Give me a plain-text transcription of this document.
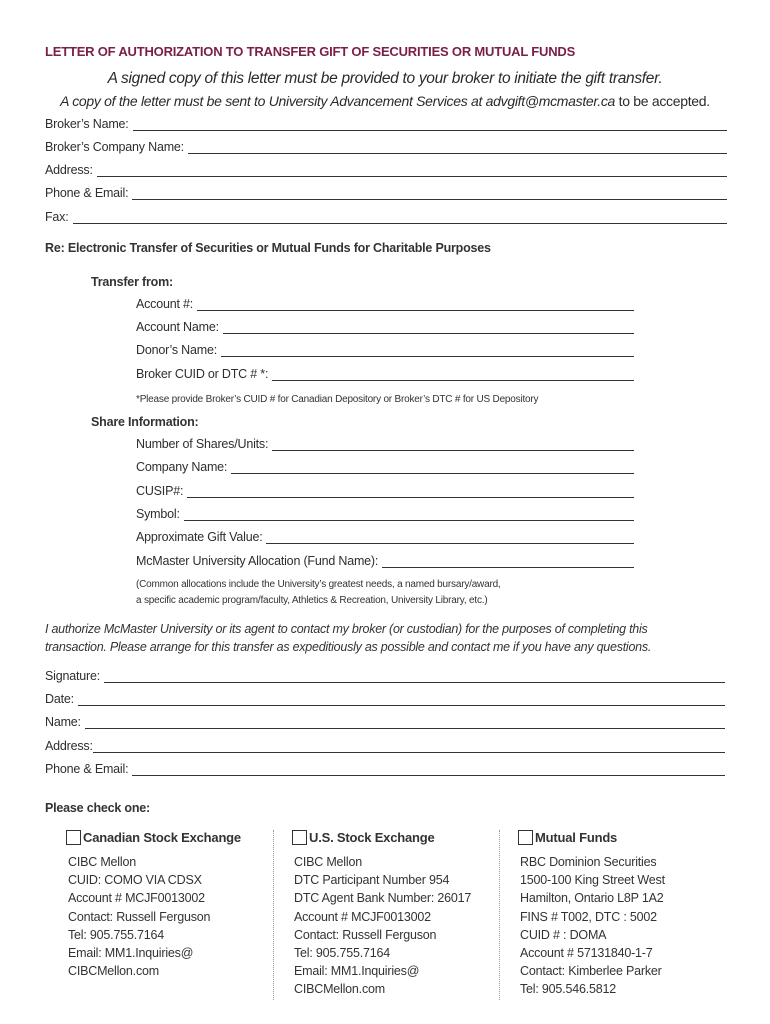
LETTER OF AUTHORIZATION TO TRANSFER GIFT OF SECURITIES OR MUTUAL FUNDS
A signed copy of this letter must be provided to your broker to initiate the gift transfer.
A copy of the letter must be sent to University Advancement Services at advgift@mcmaster.ca to be accepted.
Broker’s Name:
Broker’s Company Name:
Address:
Phone & Email:
Fax:
Re: Electronic Transfer of Securities or Mutual Funds for Charitable Purposes
Transfer from:
Account #:
Account Name:
Donor’s Name:
Broker CUID or DTC # *:
*Please provide Broker’s CUID # for Canadian Depository or Broker’s DTC # for US Depository
Share Information:
Number of Shares/Units:
Company Name:
CUSIP#:
Symbol:
Approximate Gift Value:
McMaster University Allocation (Fund Name):
(Common allocations include the University’s greatest needs, a named bursary/award,
a specific academic program/faculty, Athletics & Recreation, University Library, etc.)
I authorize McMaster University or its agent to contact my broker (or custodian) for the purposes of completing this
transaction. Please arrange for this transfer as expeditiously as possible and contact me if you have any questions.
Signature:
Date:
Name:
Address:
Phone & Email:
Please check one:
Canadian Stock Exchange
CIBC Mellon
CUID: COMO VIA CDSX
Account # MCJF0013002
Contact: Russell Ferguson
Tel: 905.755.7164
Email: MM1.Inquiries@
CIBCMellon.com
U.S. Stock Exchange
CIBC Mellon
DTC Participant Number 954
DTC Agent Bank Number: 26017
Account # MCJF0013002
Contact: Russell Ferguson
Tel: 905.755.7164
Email: MM1.Inquiries@
CIBCMellon.com
Mutual Funds
RBC Dominion Securities
1500-100 King Street West
Hamilton, Ontario L8P 1A2
FINS # T002, DTC : 5002
CUID # : DOMA
Account # 57131840-1-7
Contact: Kimberlee Parker
Tel: 905.546.5812
